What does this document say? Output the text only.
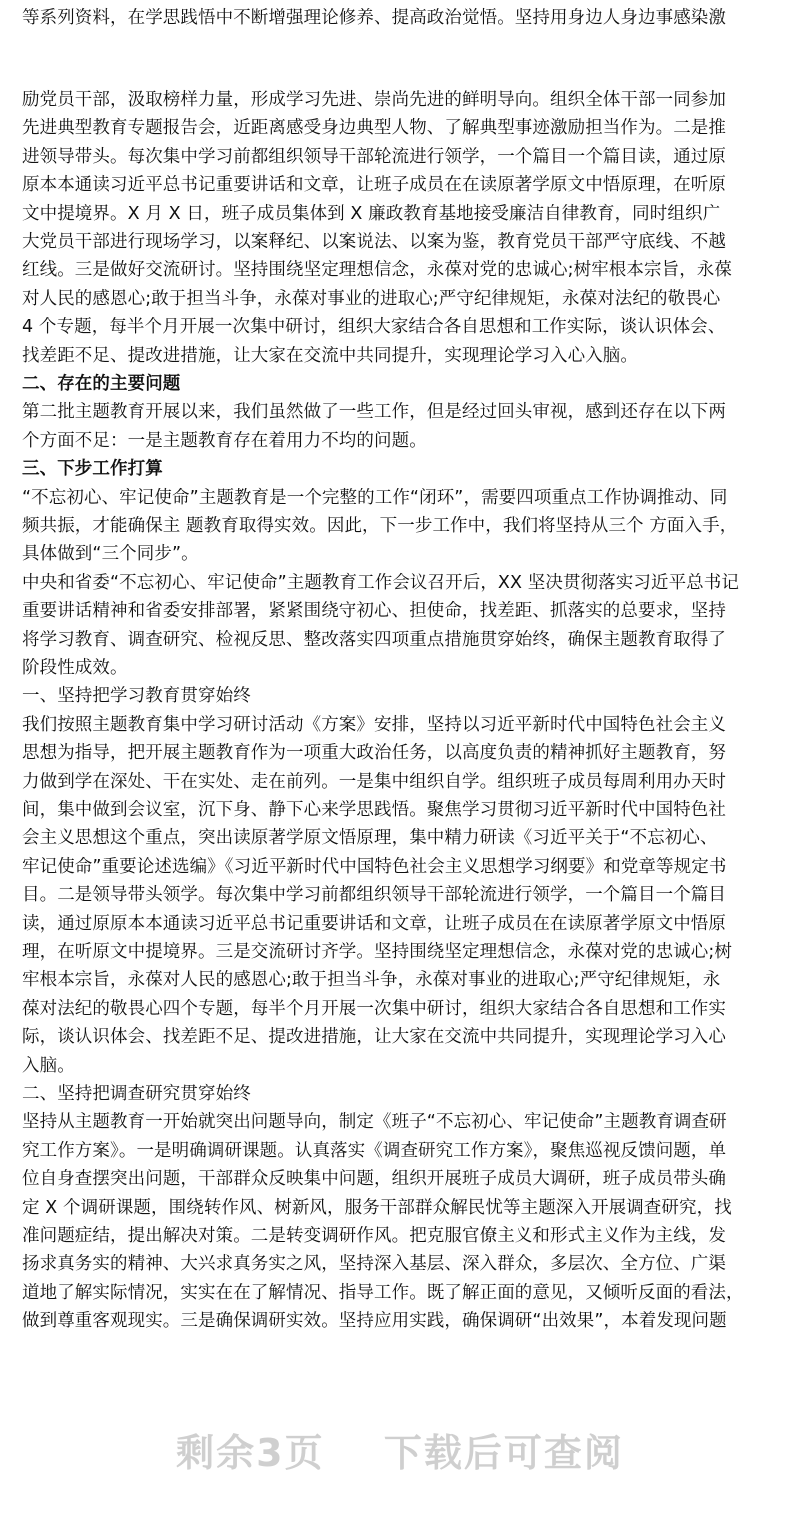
等系列资料，在学思践悟中不断增强理论修养、提高政治觉悟。坚持用身边人身边事感染激
励党员干部，汲取榜样力量，形成学习先进、崇尚先进的鲜明导向。组织全体干部一同参加
先进典型教育专题报告会，近距离感受身边典型人物、了解典型事迹激励担当作为。二是推
进领导带头。每次集中学习前都组织领导干部轮流进行领学，一个篇目一个篇目读，通过原
原本本通读习近平总书记重要讲话和文章，让班子成员在在读原著学原文中悟原理，在听原
文中提境界。X 月 X 日，班子成员集体到 X 廉政教育基地接受廉洁自律教育，同时组织广
大党员干部进行现场学习，以案释纪、以案说法、以案为鉴，教育党员干部严守底线、不越
红线。三是做好交流研讨。坚持围绕坚定理想信念，永葆对党的忠诚心;树牢根本宗旨，永葆
对人民的感恩心;敢于担当斗争，永葆对事业的进取心;严守纪律规矩，永葆对法纪的敬畏心
4 个专题，每半个月开展一次集中研讨，组织大家结合各自思想和工作实际，谈认识体会、
找差距不足、提改进措施，让大家在交流中共同提升，实现理论学习入心入脑。
二、存在的主要问题
第二批主题教育开展以来，我们虽然做了一些工作，但是经过回头审视，感到还存在以下两
个方面不足：一是主题教育存在着用力不均的问题。
三、下步工作打算
“不忘初心、牢记使命”主题教育是一个完整的工作“闭环”，需要四项重点工作协调推动、同
频共振，才能确保主 题教育取得实效。因此，下一步工作中，我们将坚持从三个 方面入手，
具体做到“三个同步”。
中央和省委“不忘初心、牢记使命”主题教育工作会议召开后，XX 坚决贯彻落实习近平总书记
重要讲话精神和省委安排部署，紧紧围绕守初心、担使命，找差距、抓落实的总要求，坚持
将学习教育、调查研究、检视反思、整改落实四项重点措施贯穿始终，确保主题教育取得了
阶段性成效。
一、坚持把学习教育贯穿始终
我们按照主题教育集中学习研讨活动《方案》安排，坚持以习近平新时代中国特色社会主义
思想为指导，把开展主题教育作为一项重大政治任务，以高度负责的精神抓好主题教育，努
力做到学在深处、干在实处、走在前列。一是集中组织自学。组织班子成员每周利用办天时
间，集中做到会议室，沉下身、静下心来学思践悟。聚焦学习贯彻习近平新时代中国特色社
会主义思想这个重点，突出读原著学原文悟原理，集中精力研读《习近平关于“不忘初心、
牢记使命”重要论述选编》《习近平新时代中国特色社会主义思想学习纲要》和党章等规定书
目。二是领导带头领学。每次集中学习前都组织领导干部轮流进行领学，一个篇目一个篇目
读，通过原原本本通读习近平总书记重要讲话和文章，让班子成员在在读原著学原文中悟原
理，在听原文中提境界。三是交流研讨齐学。坚持围绕坚定理想信念，永葆对党的忠诚心;树
牢根本宗旨，永葆对人民的感恩心;敢于担当斗争，永葆对事业的进取心;严守纪律规矩，永
葆对法纪的敬畏心四个专题，每半个月开展一次集中研讨，组织大家结合各自思想和工作实
际，谈认识体会、找差距不足、提改进措施，让大家在交流中共同提升，实现理论学习入心
入脑。
二、坚持把调查研究贯穿始终
坚持从主题教育一开始就突出问题导向，制定《班子“不忘初心、牢记使命”主题教育调查研
究工作方案》。一是明确调研课题。认真落实《调查研究工作方案》，聚焦巡视反馈问题，单
位自身查摆突出问题，干部群众反映集中问题，组织开展班子成员大调研，班子成员带头确
定 X 个调研课题，围绕转作风、树新风，服务干部群众解民忧等主题深入开展调查研究，找
准问题症结，提出解决对策。二是转变调研作风。把克服官僚主义和形式主义作为主线，发
扬求真务实的精神、大兴求真务实之风，坚持深入基层、深入群众，多层次、全方位、广渠
道地了解实际情况，实实在在了解情况、指导工作。既了解正面的意见，又倾听反面的看法，
做到尊重客观现实。三是确保调研实效。坚持应用实践，确保调研“出效果”，本着发现问题
剩余3页 下载后可查阅
